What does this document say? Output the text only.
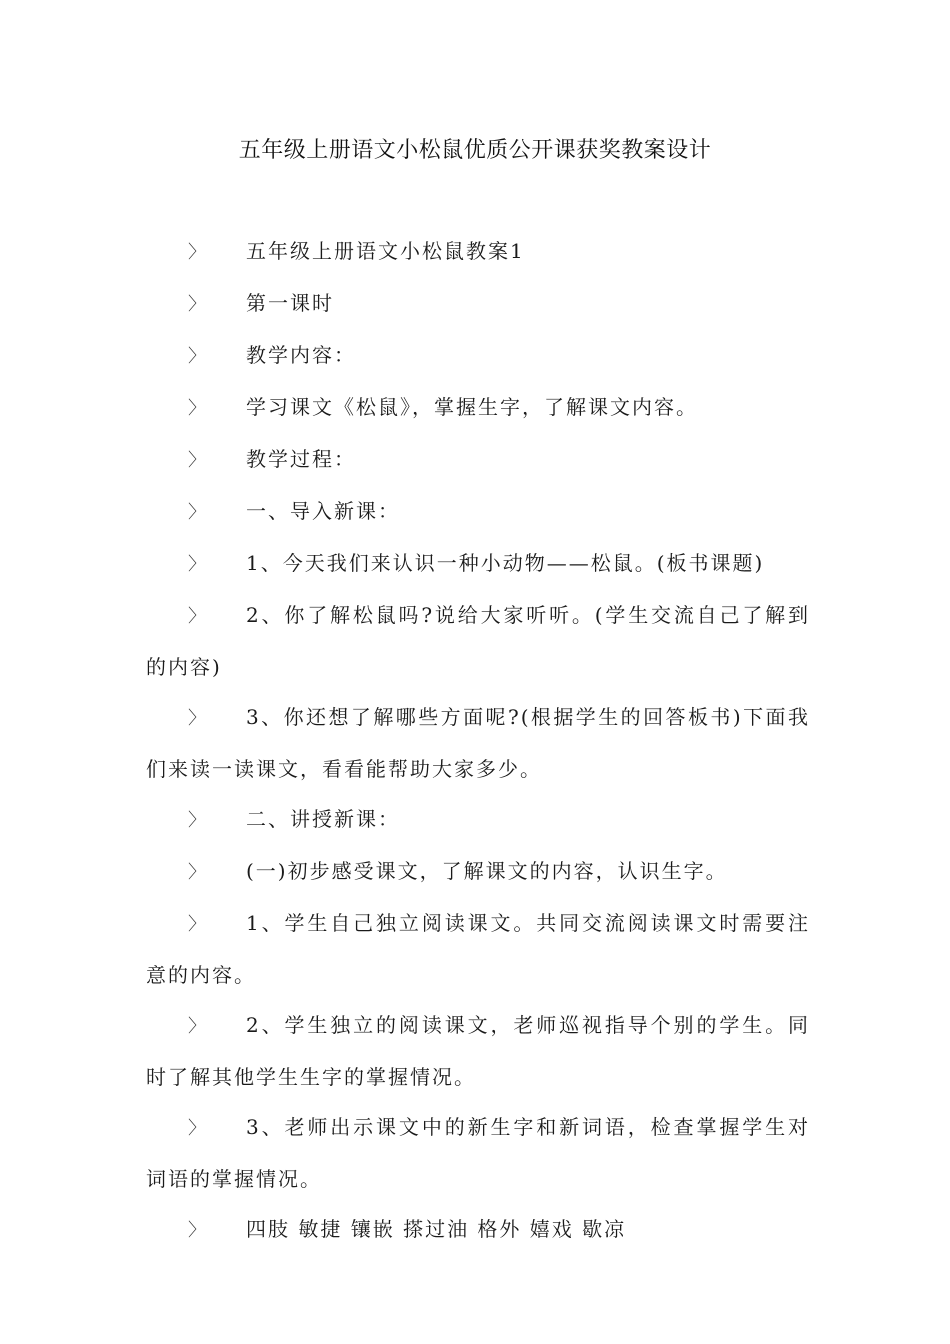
五年级上册语文小松鼠优质公开课获奖教案设计

〉 五年级上册语文小松鼠教案1

〉 第一课时

〉 教学内容：

〉 学习课文《松鼠》，掌握生字，了解课文内容。

〉 教学过程：

〉 一、导入新课：

〉 1、今天我们来认识一种小动物——松鼠。(板书课题)

〉 2、你了解松鼠吗?说给大家听听。(学生交流自己了解到的内容)

〉 3、你还想了解哪些方面呢?(根据学生的回答板书)下面我们来读一读课文，看看能帮助大家多少。

〉 二、讲授新课：

〉 (一)初步感受课文，了解课文的内容，认识生字。

〉 1、学生自己独立阅读课文。共同交流阅读课文时需要注意的内容。

〉 2、学生独立的阅读课文，老师巡视指导个别的学生。同时了解其他学生生字的掌握情况。

〉 3、老师出示课文中的新生字和新词语，检查掌握学生对词语的掌握情况。

〉 四肢 敏捷 镶嵌 搽过油 格外 嬉戏 歇凉
